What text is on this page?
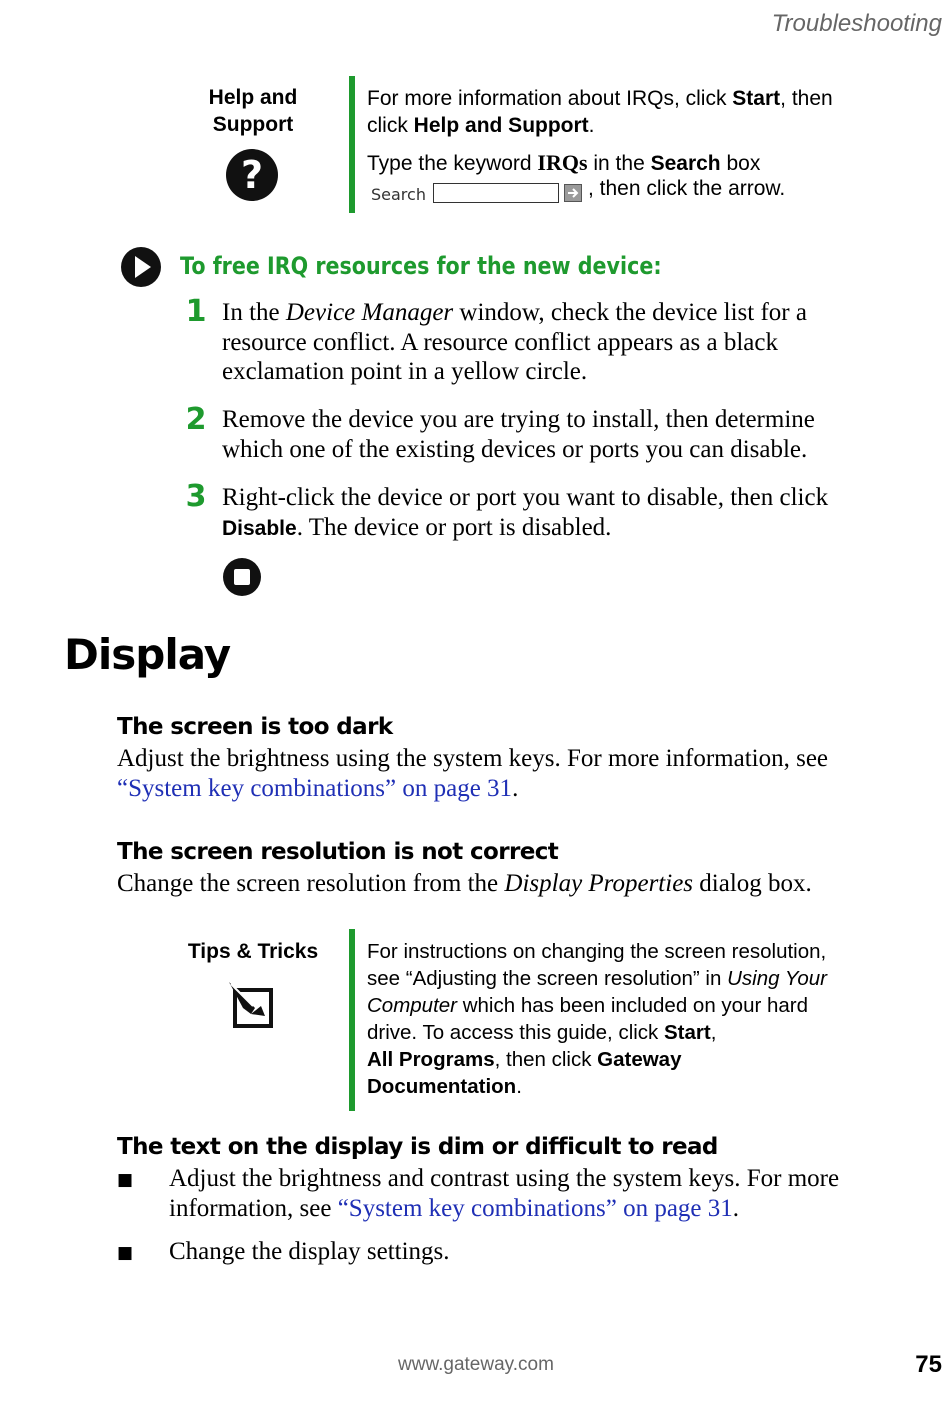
Troubleshooting
Help and
Support
?

For more information about IRQs, click Start, then

click Help and Support.

Type the keyword IRQs in the Search box

Search	, then click the arrow.
To free IRQ resources for the new device:
1 In the Device Manager window, check the device list for a

resource conflict. A resource conflict appears as a black

exclamation point in a yellow circle.

2 Remove the device you are trying to install, then determine

which one of the existing devices or ports you can disable.

3 Right-click the device or port you want to disable, then click

Disable. The device or port is disabled.

Display
The screen is too dark

Adjust the brightness using the system keys. For more information, see

“System key combinations” on page 31.

The screen resolution is not correct

Change the screen resolution from the Display Properties dialog box.

Tips & Tricks	For instructions on changing the screen resolution,

see “Adjusting the screen resolution” in Using Your

Computer which has been included on your hard

drive. To access this guide, click Start,

All Programs, then click Gateway

Documentation.

The text on the display is dim or difficult to read
■ Adjust the brightness and contrast using the system keys. For more

information, see “System key combinations” on page 31.

■ Change the display settings.

www.gateway.com	75
